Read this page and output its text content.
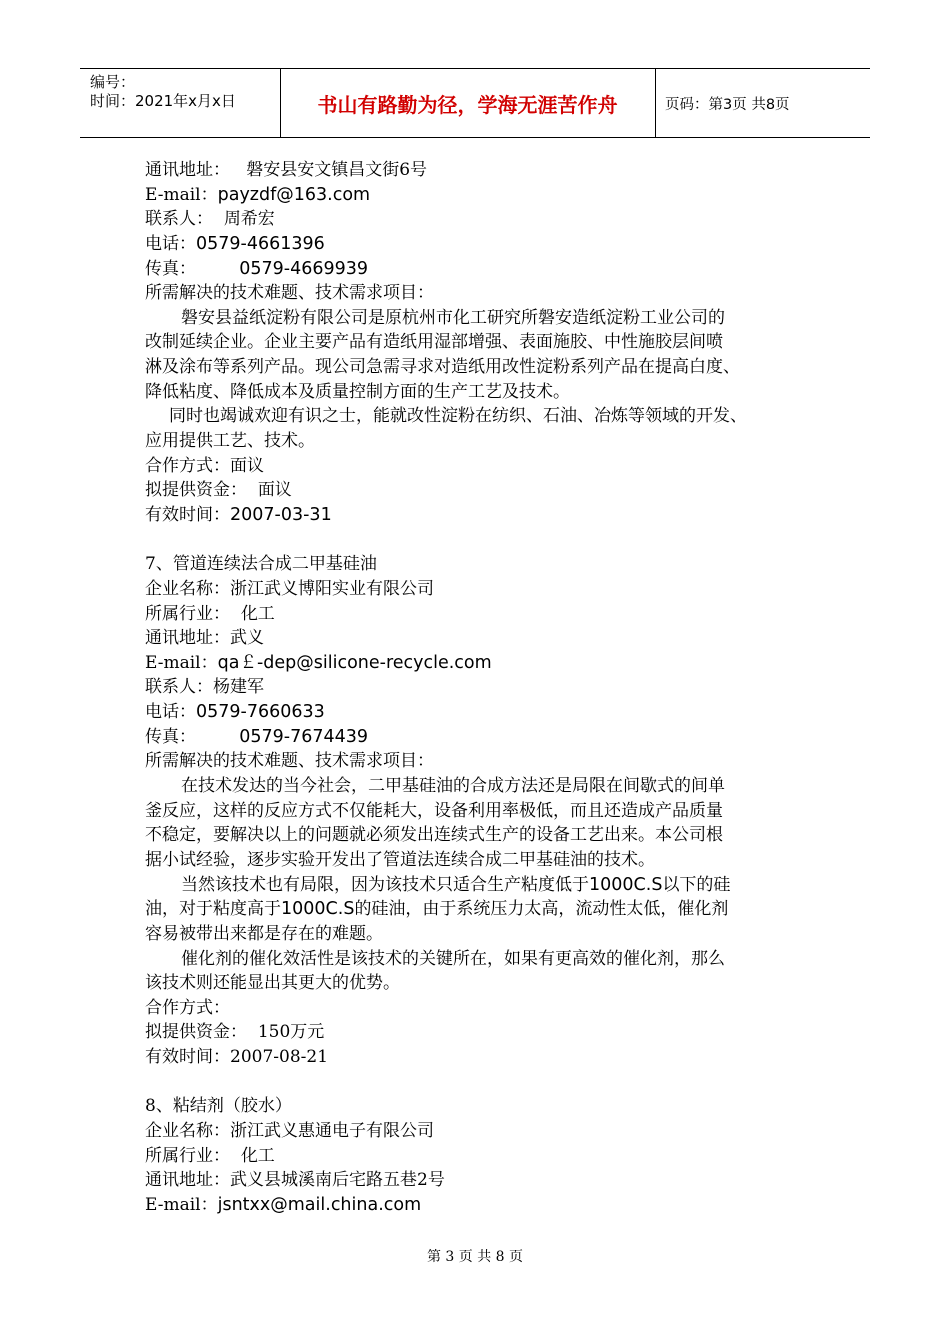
编号：
时间：2021年x月x日	书山有路勤为径，学海无涯苦作舟	页码：第3页 共8页
通讯地址： 磐安县安文镇昌文街6号
E-mail：payzdf@163.com
联系人： 周希宏
电话：0579-4661396
传真： 0579-4669939
所需解决的技术难题、技术需求项目：
磐安县益纸淀粉有限公司是原杭州市化工研究所磐安造纸淀粉工业公司的
改制延续企业。企业主要产品有造纸用湿部增强、表面施胶、中性施胶层间喷
淋及涂布等系列产品。现公司急需寻求对造纸用改性淀粉系列产品在提高白度、
降低粘度、降低成本及质量控制方面的生产工艺及技术。
同时也竭诚欢迎有识之士，能就改性淀粉在纺织、石油、冶炼等领域的开发、
应用提供工艺、技术。
合作方式：面议
拟提供资金： 面议
有效时间：2007-03-31
7、管道连续法合成二甲基硅油
企业名称：浙江武义博阳实业有限公司
所属行业： 化工
通讯地址：武义
E-mail：qa￡-dep@silicone-recycle.com
联系人：杨建军
电话：0579-7660633
传真： 0579-7674439
所需解决的技术难题、技术需求项目：
在技术发达的当今社会，二甲基硅油的合成方法还是局限在间歇式的间单
釜反应，这样的反应方式不仅能耗大，设备利用率极低，而且还造成产品质量
不稳定，要解决以上的问题就必须发出连续式生产的设备工艺出来。本公司根
据小试经验，逐步实验开发出了管道法连续合成二甲基硅油的技术。
当然该技术也有局限，因为该技术只适合生产粘度低于1000C.S以下的硅
油，对于粘度高于1000C.S的硅油，由于系统压力太高，流动性太低，催化剂
容易被带出来都是存在的难题。
催化剂的催化效活性是该技术的关键所在，如果有更高效的催化剂，那么
该技术则还能显出其更大的优势。
合作方式：
拟提供资金： 150万元
有效时间：2007-08-21
8、粘结剂（胶水）
企业名称：浙江武义惠通电子有限公司
所属行业： 化工
通讯地址：武义县城溪南后宅路五巷2号
E-mail：jsntxx@mail.china.com
第 3 页 共 8 页
